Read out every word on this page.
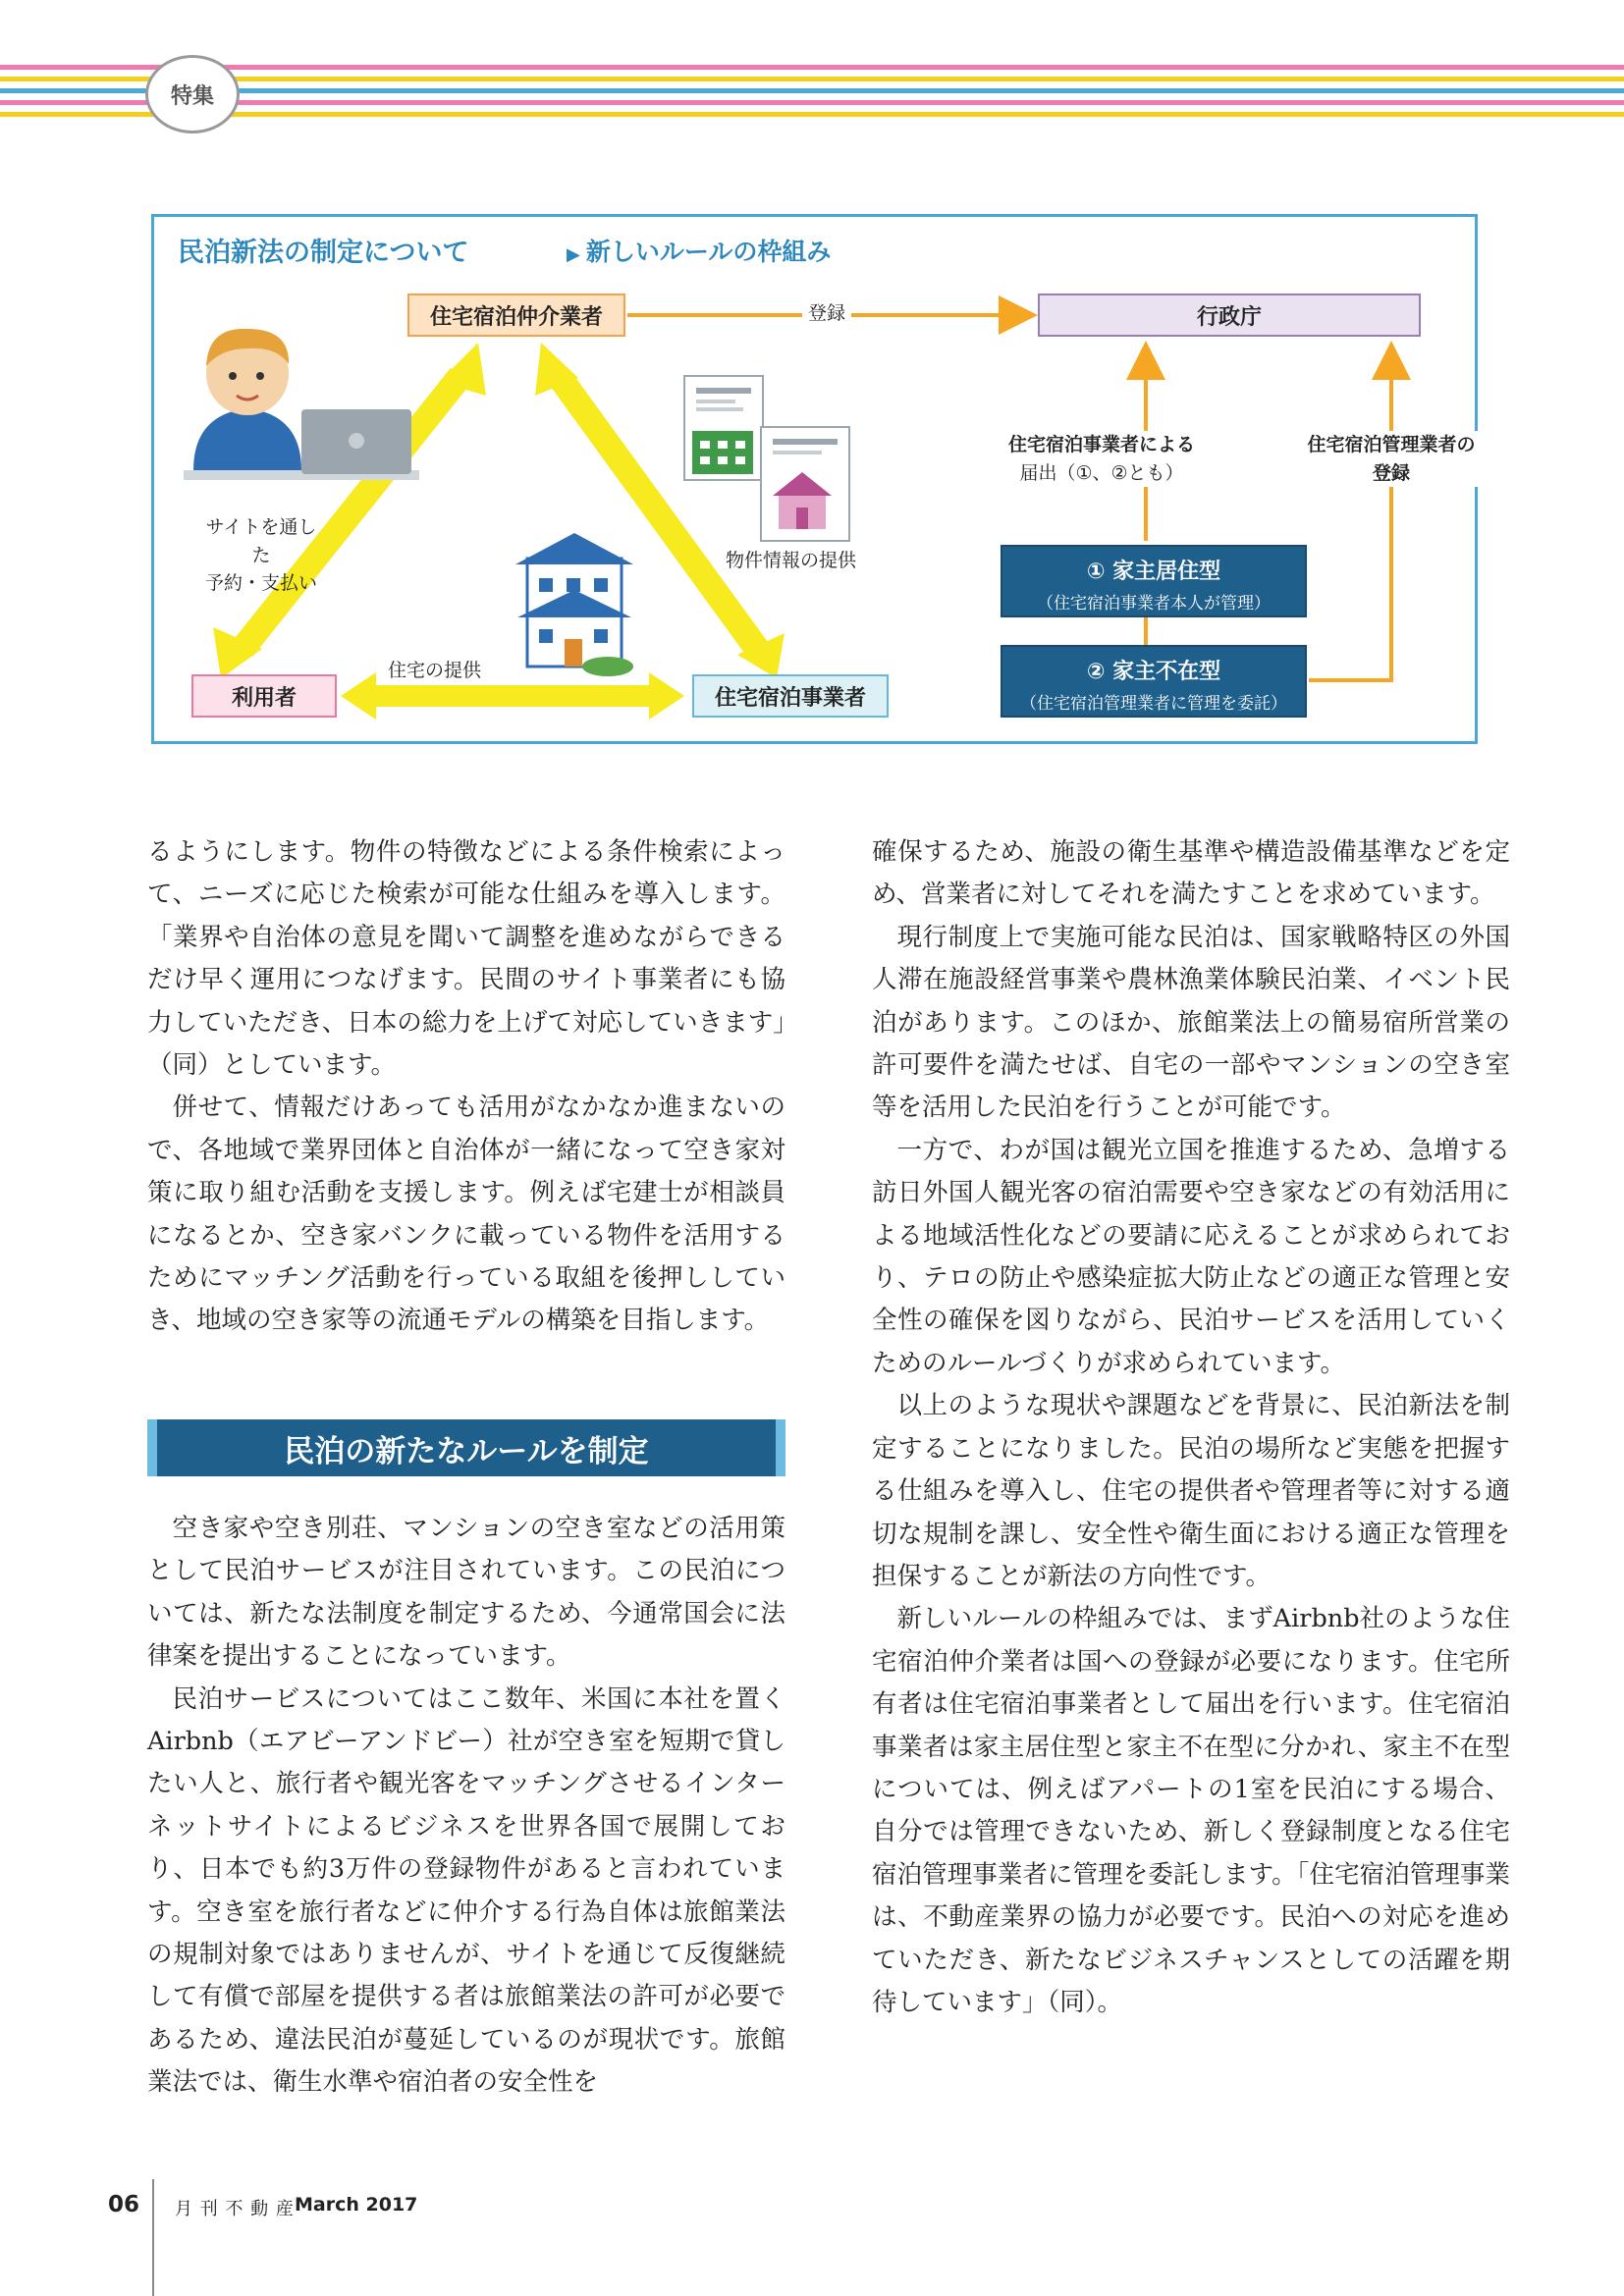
特集
民泊新法の制定について	▶ 新しいルールの枠組み
住宅宿泊仲介業者	行政庁
利用者	住宅宿泊事業者
登録
サイトを通した
予約・支払い
物件情報の提供
住宅の提供
住宅宿泊事業者による
届出（①、②とも）
住宅宿泊管理業者の
登録
① 家主居住型
（住宅宿泊事業者本人が管理）
② 家主不在型
（住宅宿泊管理業者に管理を委託）

るようにします。物件の特徴などによる条件検索によって、ニーズに応じた検索が可能な仕組みを導入します。「業界や自治体の意見を聞いて調整を進めながらできるだけ早く運用につなげます。民間のサイト事業者にも協力していただき、日本の総力を上げて対応していきます」（同）としています。

併せて、情報だけあっても活用がなかなか進まないので、各地域で業界団体と自治体が一緒になって空き家対策に取り組む活動を支援します。例えば宅建士が相談員になるとか、空き家バンクに載っている物件を活用するためにマッチング活動を行っている取組を後押ししていき、地域の空き家等の流通モデルの構築を目指します。

民泊の新たなルールを制定

空き家や空き別荘、マンションの空き室などの活用策として民泊サービスが注目されています。この民泊については、新たな法制度を制定するため、今通常国会に法律案を提出することになっています。

民泊サービスについてはここ数年、米国に本社を置くAirbnb（エアビーアンドビー）社が空き室を短期で貸したい人と、旅行者や観光客をマッチングさせるインターネットサイトによるビジネスを世界各国で展開しており、日本でも約3万件の登録物件があると言われています。空き室を旅行者などに仲介する行為自体は旅館業法の規制対象ではありませんが、サイトを通じて反復継続して有償で部屋を提供する者は旅館業法の許可が必要であるため、違法民泊が蔓延しているのが現状です。旅館業法では、衛生水準や宿泊者の安全性を

確保するため、施設の衛生基準や構造設備基準などを定め、営業者に対してそれを満たすことを求めています。

現行制度上で実施可能な民泊は、国家戦略特区の外国人滞在施設経営事業や農林漁業体験民泊業、イベント民泊があります。このほか、旅館業法上の簡易宿所営業の許可要件を満たせば、自宅の一部やマンションの空き室等を活用した民泊を行うことが可能です。

一方で、わが国は観光立国を推進するため、急増する訪日外国人観光客の宿泊需要や空き家などの有効活用による地域活性化などの要請に応えることが求められており、テロの防止や感染症拡大防止などの適正な管理と安全性の確保を図りながら、民泊サービスを活用していくためのルールづくりが求められています。

以上のような現状や課題などを背景に、民泊新法を制定することになりました。民泊の場所など実態を把握する仕組みを導入し、住宅の提供者や管理者等に対する適切な規制を課し、安全性や衛生面における適正な管理を担保することが新法の方向性です。

新しいルールの枠組みでは、まずAirbnb社のような住宅宿泊仲介業者は国への登録が必要になります。住宅所有者は住宅宿泊事業者として届出を行います。住宅宿泊事業者は家主居住型と家主不在型に分かれ、家主不在型については、例えばアパートの1室を民泊にする場合、自分では管理できないため、新しく登録制度となる住宅宿泊管理事業者に管理を委託します。「住宅宿泊管理事業は、不動産業界の協力が必要です。民泊への対応を進めていただき、新たなビジネスチャンスとしての活躍を期待しています」（同）。

06 月 刊 不 動 産 March 2017
